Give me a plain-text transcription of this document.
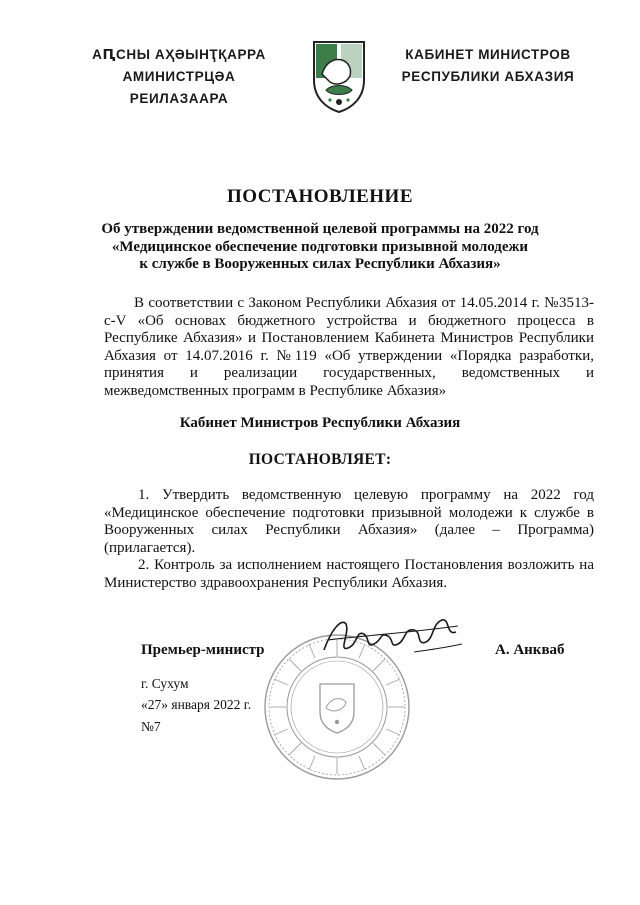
АԤСНЫ АҲӘЫНҬҚАРРА
АМИНИСТРЦӘА РЕИЛАЗААРА
КАБИНЕТ МИНИСТРОВ
РЕСПУБЛИКИ АБХАЗИЯ
ПОСТАНОВЛЕНИЕ
Об утверждении ведомственной целевой программы на 2022 год
«Медицинское обеспечение подготовки призывной молодежи
к службе в Вооруженных силах Республики Абхазия»
В соответствии с Законом Республики Абхазия от 14.05.2014 г. №3513-с-V «Об основах бюджетного устройства и бюджетного процесса в Республике Абхазия» и Постановлением Кабинета Министров Республики Абхазия от 14.07.2016 г. №119 «Об утверждении «Порядка разработки, принятия и реализации государственных, ведомственных и межведомственных программ в Республике Абхазия»
Кабинет Министров Республики Абхазия
ПОСТАНОВЛЯЕТ:

1. Утвердить ведомственную целевую программу на 2022 год «Медицинское обеспечение подготовки призывной молодежи к службе в Вооруженных силах Республики Абхазия» (далее – Программа) (прилагается).

2. Контроль за исполнением настоящего Постановления возложить на Министерство здравоохранения Республики Абхазия.

Премьер-министр	А. Анкваб
г. Сухум
«27» января 2022 г.
№7
